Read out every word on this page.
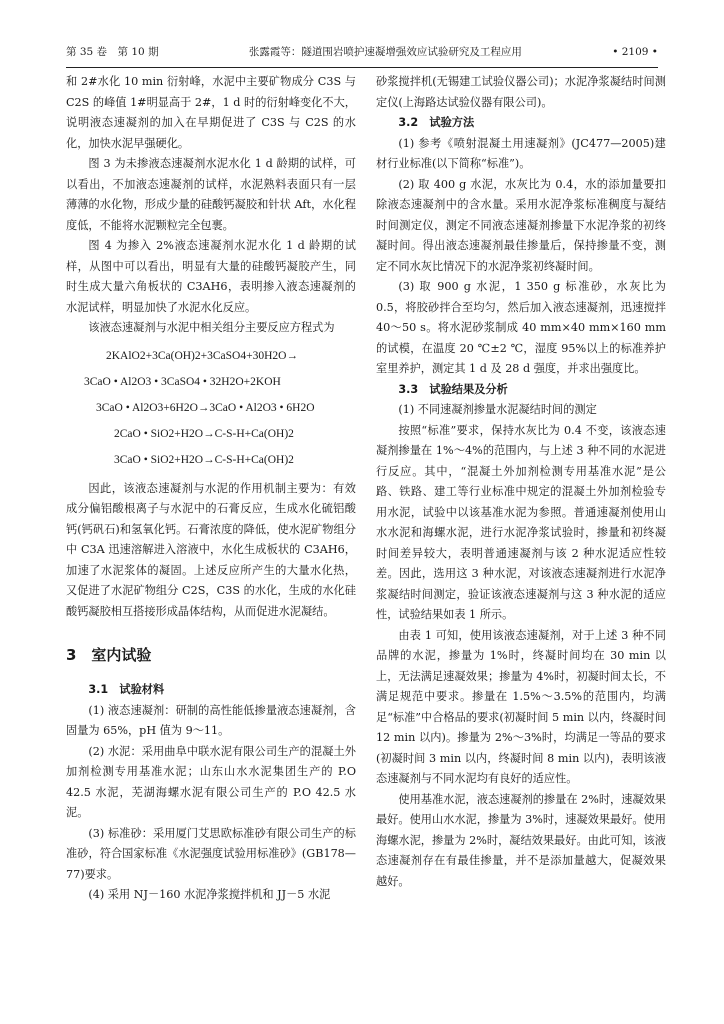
第 35 卷　第 10 期	张露霞等：隧道围岩喷护速凝增强效应试验研究及工程应用	• 2109 •

和 2#水化 10 min 衍射峰，水泥中主要矿物成分 C3S 与 C2S 的峰值 1#明显高于 2#，1 d 时的衍射峰变化不大，说明液态速凝剂的加入在早期促进了 C3S 与 C2S 的水化，加快水泥早强硬化。

图 3 为未掺液态速凝剂水泥水化 1 d 龄期的试样，可以看出，不加液态速凝剂的试样，水泥熟料表面只有一层薄薄的水化物，形成少量的硅酸钙凝胶和针状 Aft，水化程度低，不能将水泥颗粒完全包裹。

图 4 为掺入 2%液态速凝剂水泥水化 1 d 龄期的试样，从图中可以看出，明显有大量的硅酸钙凝胶产生，同时生成大量六角板状的 C3AH6，表明掺入液态速凝剂的水泥试样，明显加快了水泥水化反应。

该液态速凝剂与水泥中相关组分主要反应方程式为

2KAlO2+3Ca(OH)2+3CaSO4+30H2O→
3CaO • Al2O3 • 3CaSO4 • 32H2O+2KOH
3CaO • Al2O3+6H2O→3CaO • Al2O3 • 6H2O
2CaO • SiO2+H2O→C-S-H+Ca(OH)2
3CaO • SiO2+H2O→C-S-H+Ca(OH)2

因此，该液态速凝剂与水泥的作用机制主要为：有效成分偏铝酸根离子与水泥中的石膏反应，生成水化硫铝酸钙(钙矾石)和氢氧化钙。石膏浓度的降低，使水泥矿物组分中 C3A 迅速溶解进入溶液中，水化生成板状的 C3AH6，加速了水泥浆体的凝固。上述反应所产生的大量水化热，又促进了水泥矿物组分 C2S，C3S 的水化，生成的水化硅酸钙凝胶相互搭接形成晶体结构，从而促进水泥凝结。

3　室内试验

3.1　试验材料

(1) 液态速凝剂：研制的高性能低掺量液态速凝剂，含固量为 65%，pH 值为 9～11。

(2) 水泥：采用曲阜中联水泥有限公司生产的混凝土外加剂检测专用基准水泥；山东山水水泥集团生产的 P.O 42.5 水泥，芜湖海螺水泥有限公司生产的 P.O 42.5 水泥。

(3) 标准砂：采用厦门艾思欧标准砂有限公司生产的标准砂，符合国家标准《水泥强度试验用标准砂》(GB178—77)要求。

(4) 采用 NJ－160 水泥净浆搅拌机和 JJ－5 水泥

砂浆搅拌机(无锡建工试验仪器公司)；水泥净浆凝结时间测定仪(上海路达试验仪器有限公司)。

3.2　试验方法

(1) 参考《喷射混凝土用速凝剂》(JC477—2005)建材行业标准(以下简称“标准”)。

(2) 取 400 g 水泥，水灰比为 0.4，水的添加量要扣除液态速凝剂中的含水量。采用水泥净浆标准稠度与凝结时间测定仪，测定不同液态速凝剂掺量下水泥净浆的初终凝时间。得出液态速凝剂最佳掺量后，保持掺量不变，测定不同水灰比情况下的水泥净浆初终凝时间。

(3) 取 900 g 水泥，1 350 g 标准砂，水灰比为 0.5，将胶砂拌合至均匀，然后加入液态速凝剂，迅速搅拌 40～50 s。将水泥砂浆制成 40 mm×40 mm×160 mm 的试模，在温度 20 ℃±2 ℃，湿度 95%以上的标准养护室里养护，测定其 1 d 及 28 d 强度，并求出强度比。

3.3　试验结果及分析

(1) 不同速凝剂掺量水泥凝结时间的测定

按照“标准”要求，保持水灰比为 0.4 不变，该液态速凝剂掺量在 1%～4%的范围内，与上述 3 种不同的水泥进行反应。其中，“混凝土外加剂检测专用基准水泥”是公路、铁路、建工等行业标准中规定的混凝土外加剂检验专用水泥，试验中以该基准水泥为参照。普通速凝剂使用山水水泥和海螺水泥，进行水泥净浆试验时，掺量和初终凝时间差异较大，表明普通速凝剂与该 2 种水泥适应性较差。因此，选用这 3 种水泥，对该液态速凝剂进行水泥净浆凝结时间测定，验证该液态速凝剂与这 3 种水泥的适应性，试验结果如表 1 所示。

由表 1 可知，使用该液态速凝剂，对于上述 3 种不同品牌的水泥，掺量为 1%时，终凝时间均在 30 min 以上，无法满足速凝效果；掺量为 4%时，初凝时间太长，不满足规范中要求。掺量在 1.5%～3.5%的范围内，均满足“标准”中合格品的要求(初凝时间 5 min 以内，终凝时间 12 min 以内)。掺量为 2%～3%时，均满足一等品的要求(初凝时间 3 min 以内，终凝时间 8 min 以内)，表明该液态速凝剂与不同水泥均有良好的适应性。

使用基准水泥，液态速凝剂的掺量在 2%时，速凝效果最好。使用山水水泥，掺量为 3%时，速凝效果最好。使用海螺水泥，掺量为 2%时，凝结效果最好。由此可知，该液态速凝剂存在有最佳掺量，并不是添加量越大，促凝效果越好。
